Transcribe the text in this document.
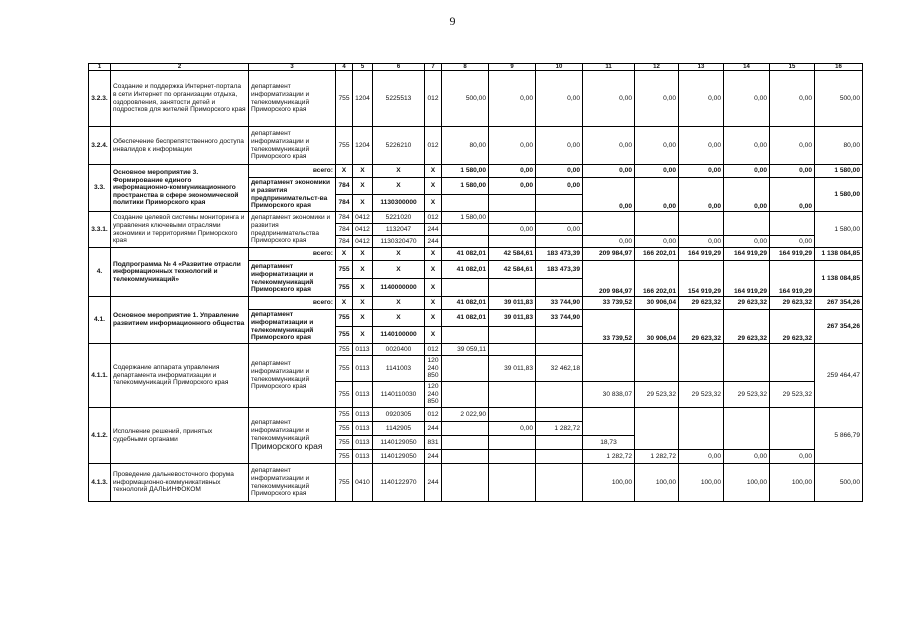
9
1	2	3	4	5	6	7	8	9	10	11	12	13	14	15	16
3.2.3.	Создание и поддержка Интернет-портала в сети Интернет по организации отдыха, оздоровления, занятости детей и подростков для жителей Приморского края	департамент информатизации и телекоммуникаций Приморского края	755	1204	5225513	012	500,00	0,00	0,00	0,00	0,00	0,00	0,00	0,00	500,00
3.2.4.	Обеспечение беспрепятственного доступа инвалидов к информации	департамент информатизации и телекоммуникаций Приморского края	755	1204	5226210	012	80,00	0,00	0,00	0,00	0,00	0,00	0,00	0,00	80,00
3.3.	Основное мероприятие 3. Формирование единого информационно-коммуникационного пространства в сфере экономической политики Приморского края	всего:	X	X	X	X	1 580,00	0,00	0,00	0,00	0,00	0,00	0,00	0,00	1 580,00
		департамент экономики и развития предпринимательст-ва Приморского края	784	X	X	X	1 580,00	0,00	0,00	0,00	0,00	0,00	0,00	0,00	1 580,00
			784	X	1130300000	X									
3.3.1.	Создание целевой системы мониторинга и управления ключевыми отраслями экономики и территориями Приморского края	департамент экономики и развития предпринимательства Приморского края	784	0412	5221020	012	1 580,00								1 580,00
			784	0412	1132047	244		0,00	0,00						
			784	0412	1130320470	244				0,00	0,00	0,00	0,00	0,00	
4.	Подпрограмма № 4 «Развитие отрасли информационных технологий и телекоммуникаций»	всего:	X	X	X	X	41 082,01	42 584,61	183 473,39	209 984,97	166 202,01	164 919,29	164 919,29	164 919,29	1 138 084,85
		департамент информатизации и телекоммуникаций Приморского края	755	X	X	X	41 082,01	42 584,61	183 473,39	209 984,97	166 202,01	154 919,29	164 919,29	164 919,29	1 138 084,85
			755	X	1140000000	X									
4.1.	Основное мероприятие 1. Управление развитием информационного общества	всего:	X	X	X	X	41 082,01	39 011,83	33 744,90	33 739,52	30 906,04	29 623,32	29 623,32	29 623,32	267 354,26
		департамент информатизации и телекоммуникаций Приморского края	755	X	X	X	41 082,01	39 011,83	33 744,90	33 739,52	30 906,04	29 623,32	29 623,32	29 623,32	267 354,26
			755	X	1140100000	X									
4.1.1.	Содержание аппарата управления департамента информатизации и телекоммуникаций Приморского края	департамент информатизации и телекоммуникаций Приморского края	755	0113	0020400	012	39 059,11								259 464,47
			755	0113	1141003	120
240
850		39 011,83	32 462,18						
			755	0113	1140110030	120
240
850				30 838,07	29 523,32	29 523,32	29 523,32	29 523,32	
4.1.2.	Исполнение решений, принятых судебными органами	департамент информатизации и телекоммуникаций
Приморского края	755	0113	0920305	012	2 022,90								5 866,79
			755	0113	1142905	244		0,00	1 282,72						
			755	0113	1140129050	831				18,73					
			755	0113	1140129050	244				1 282,72	1 282,72	0,00	0,00	0,00	
4.1.3.	Проведение дальневосточного форума информационно-коммуникативных технологий ДАЛЬИНФОКОМ	департамент информатизации и телекоммуникаций Приморского края	755	0410	1140122970	244				100,00	100,00	100,00	100,00	100,00	500,00
